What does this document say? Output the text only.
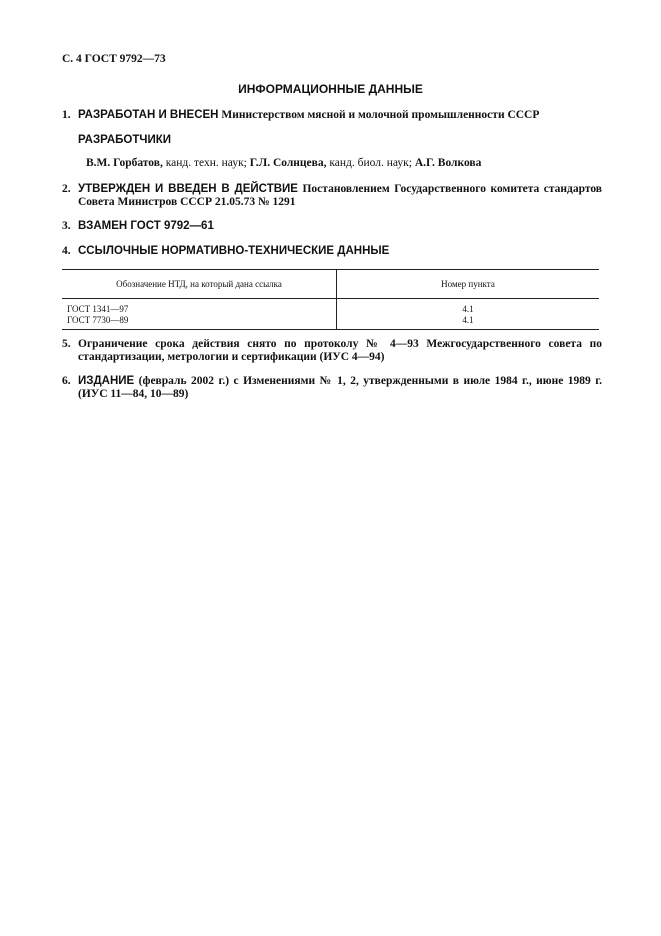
С. 4 ГОСТ 9792—73
ИНФОРМАЦИОННЫЕ ДАННЫЕ
1. РАЗРАБОТАН И ВНЕСЕН Министерством мясной и молочной промышленности СССР
РАЗРАБОТЧИКИ
В.М. Горбатов, канд. техн. наук; Г.Л. Солнцева, канд. биол. наук; А.Г. Волкова
2. УТВЕРЖДЕН И ВВЕДЕН В ДЕЙСТВИЕ Постановлением Государственного комитета стандартов Совета Министров СССР 21.05.73 № 1291
3. ВЗАМЕН ГОСТ 9792—61
4. ССЫЛОЧНЫЕ НОРМАТИВНО-ТЕХНИЧЕСКИЕ ДАННЫЕ
Обозначение НТД, на который дана ссылка	Номер пункта
ГОСТ 1341—97	4.1
ГОСТ 7730—89	4.1
5. Ограничение срока действия снято по протоколу № 4—93 Межгосударственного совета по стандартизации, метрологии и сертификации (ИУС 4—94)
6. ИЗДАНИЕ (февраль 2002 г.) с Изменениями № 1, 2, утвержденными в июле 1984 г., июне 1989 г. (ИУС 11—84, 10—89)
